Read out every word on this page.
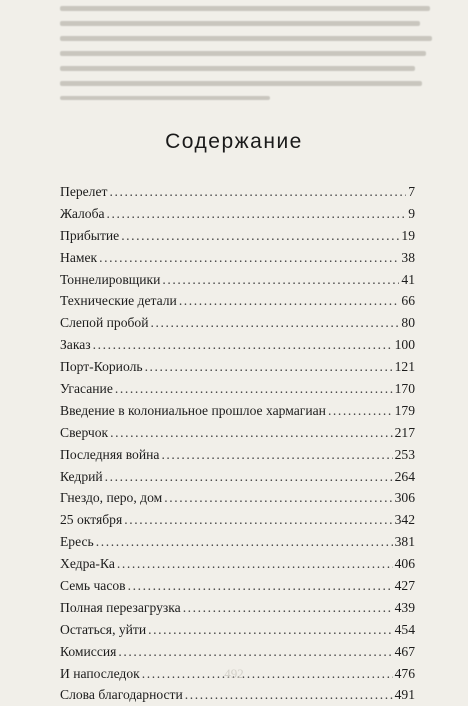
Содержание
Перелет .....	7
Жалоба .....	9
Прибытие .....	19
Намек .....	38
Тоннелировщики .....	41
Технические детали .....	66
Слепой пробой .....	80
Заказ .....	100
Порт-Кориоль .....	121
Угасание .....	170
Введение в колониальное прошлое хармагиан .....	179
Сверчок .....	217
Последняя война .....	253
Кедрий .....	264
Гнездо, перо, дом .....	306
25 октября .....	342
Ересь .....	381
Хедра-Ка .....	406
Семь часов .....	427
Полная перезагрузка .....	439
Остаться, уйти .....	454
Комиссия .....	467
И напоследок .....	476
Слова благодарности .....	491
492
